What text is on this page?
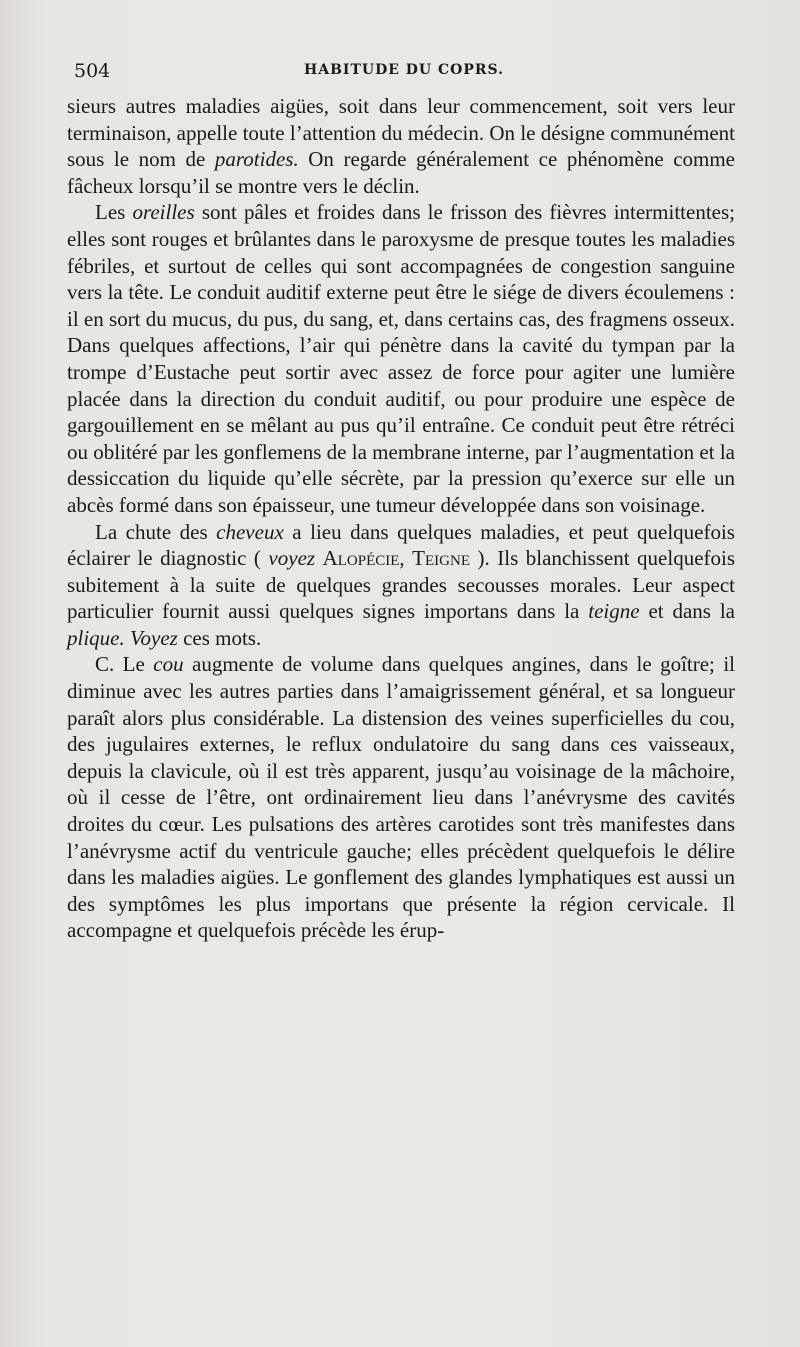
504	HABITUDE DU COPRS.

sieurs autres maladies aigües, soit dans leur commencement, soit vers leur terminaison, appelle toute l’attention du médecin. On le désigne communément sous le nom de parotides. On regarde généralement ce phénomène comme fâcheux lorsqu’il se montre vers le déclin.

Les oreilles sont pâles et froides dans le frisson des fièvres intermittentes; elles sont rouges et brûlantes dans le paroxysme de presque toutes les maladies fébriles, et surtout de celles qui sont accompagnées de congestion sanguine vers la tête. Le conduit auditif externe peut être le siége de divers écoulemens : il en sort du mucus, du pus, du sang, et, dans certains cas, des fragmens osseux. Dans quelques affections, l’air qui pénètre dans la cavité du tympan par la trompe d’Eustache peut sortir avec assez de force pour agiter une lumière placée dans la direction du conduit auditif, ou pour produire une espèce de gargouillement en se mêlant au pus qu’il entraîne. Ce conduit peut être rétréci ou oblitéré par les gonflemens de la membrane interne, par l’augmentation et la dessiccation du liquide qu’elle sécrète, par la pression qu’exerce sur elle un abcès formé dans son épaisseur, une tumeur développée dans son voisinage.

La chute des cheveux a lieu dans quelques maladies, et peut quelquefois éclairer le diagnostic ( voyez Alopécie, Teigne ). Ils blanchissent quelquefois subitement à la suite de quelques grandes secousses morales. Leur aspect particulier fournit aussi quelques signes importans dans la teigne et dans la plique. Voyez ces mots.

C. Le cou augmente de volume dans quelques angines, dans le goître; il diminue avec les autres parties dans l’amaigrissement général, et sa longueur paraît alors plus considérable. La distension des veines superficielles du cou, des jugulaires externes, le reflux ondulatoire du sang dans ces vaisseaux, depuis la clavicule, où il est très apparent, jusqu’au voisinage de la mâchoire, où il cesse de l’être, ont ordinairement lieu dans l’anévrysme des cavités droites du cœur. Les pulsations des artères carotides sont très manifestes dans l’anévrysme actif du ventricule gauche; elles précèdent quelquefois le délire dans les maladies aigües. Le gonflement des glandes lymphatiques est aussi un des symptômes les plus importans que présente la région cervicale. Il accompagne et quelquefois précède les érup-
